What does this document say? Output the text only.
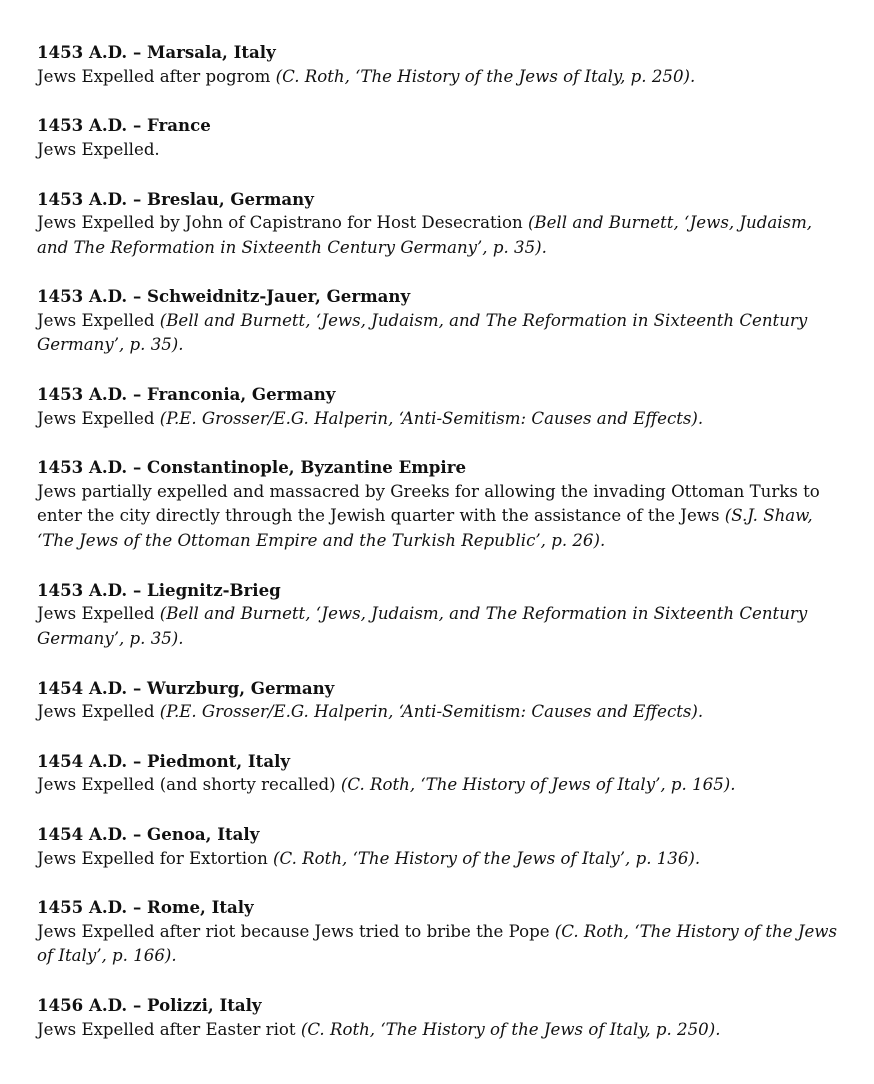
1453 A.D. – Marsala, Italy
Jews Expelled after pogrom (C. Roth, ‘The History of the Jews of Italy, p. 250).
1453 A.D. – France
Jews Expelled.
1453 A.D. – Breslau, Germany
Jews Expelled by John of Capistrano for Host Desecration (Bell and Burnett, ‘Jews, Judaism, and The Reformation in Sixteenth Century Germany’, p. 35).
1453 A.D. – Schweidnitz-Jauer, Germany
Jews Expelled (Bell and Burnett, ‘Jews, Judaism, and The Reformation in Sixteenth Century Germany’, p. 35).
1453 A.D. – Franconia, Germany
Jews Expelled (P.E. Grosser/E.G. Halperin, ‘Anti-Semitism: Causes and Effects).
1453 A.D. – Constantinople, Byzantine Empire
Jews partially expelled and massacred by Greeks for allowing the invading Ottoman Turks to enter the city directly through the Jewish quarter with the assistance of the Jews (S.J. Shaw, ‘The Jews of the Ottoman Empire and the Turkish Republic’, p. 26).
1453 A.D. – Liegnitz-Brieg
Jews Expelled (Bell and Burnett, ‘Jews, Judaism, and The Reformation in Sixteenth Century Germany’, p. 35).
1454 A.D. – Wurzburg, Germany
Jews Expelled (P.E. Grosser/E.G. Halperin, ‘Anti-Semitism: Causes and Effects).
1454 A.D. – Piedmont, Italy
Jews Expelled (and shorty recalled) (C. Roth, ‘The History of Jews of Italy’, p. 165).
1454 A.D. – Genoa, Italy
Jews Expelled for Extortion (C. Roth, ‘The History of the Jews of Italy’, p. 136).
1455 A.D. – Rome, Italy
Jews Expelled after riot because Jews tried to bribe the Pope (C. Roth, ‘The History of the Jews of Italy’, p. 166).
1456 A.D. – Polizzi, Italy
Jews Expelled after Easter riot (C. Roth, ‘The History of the Jews of Italy, p. 250).
